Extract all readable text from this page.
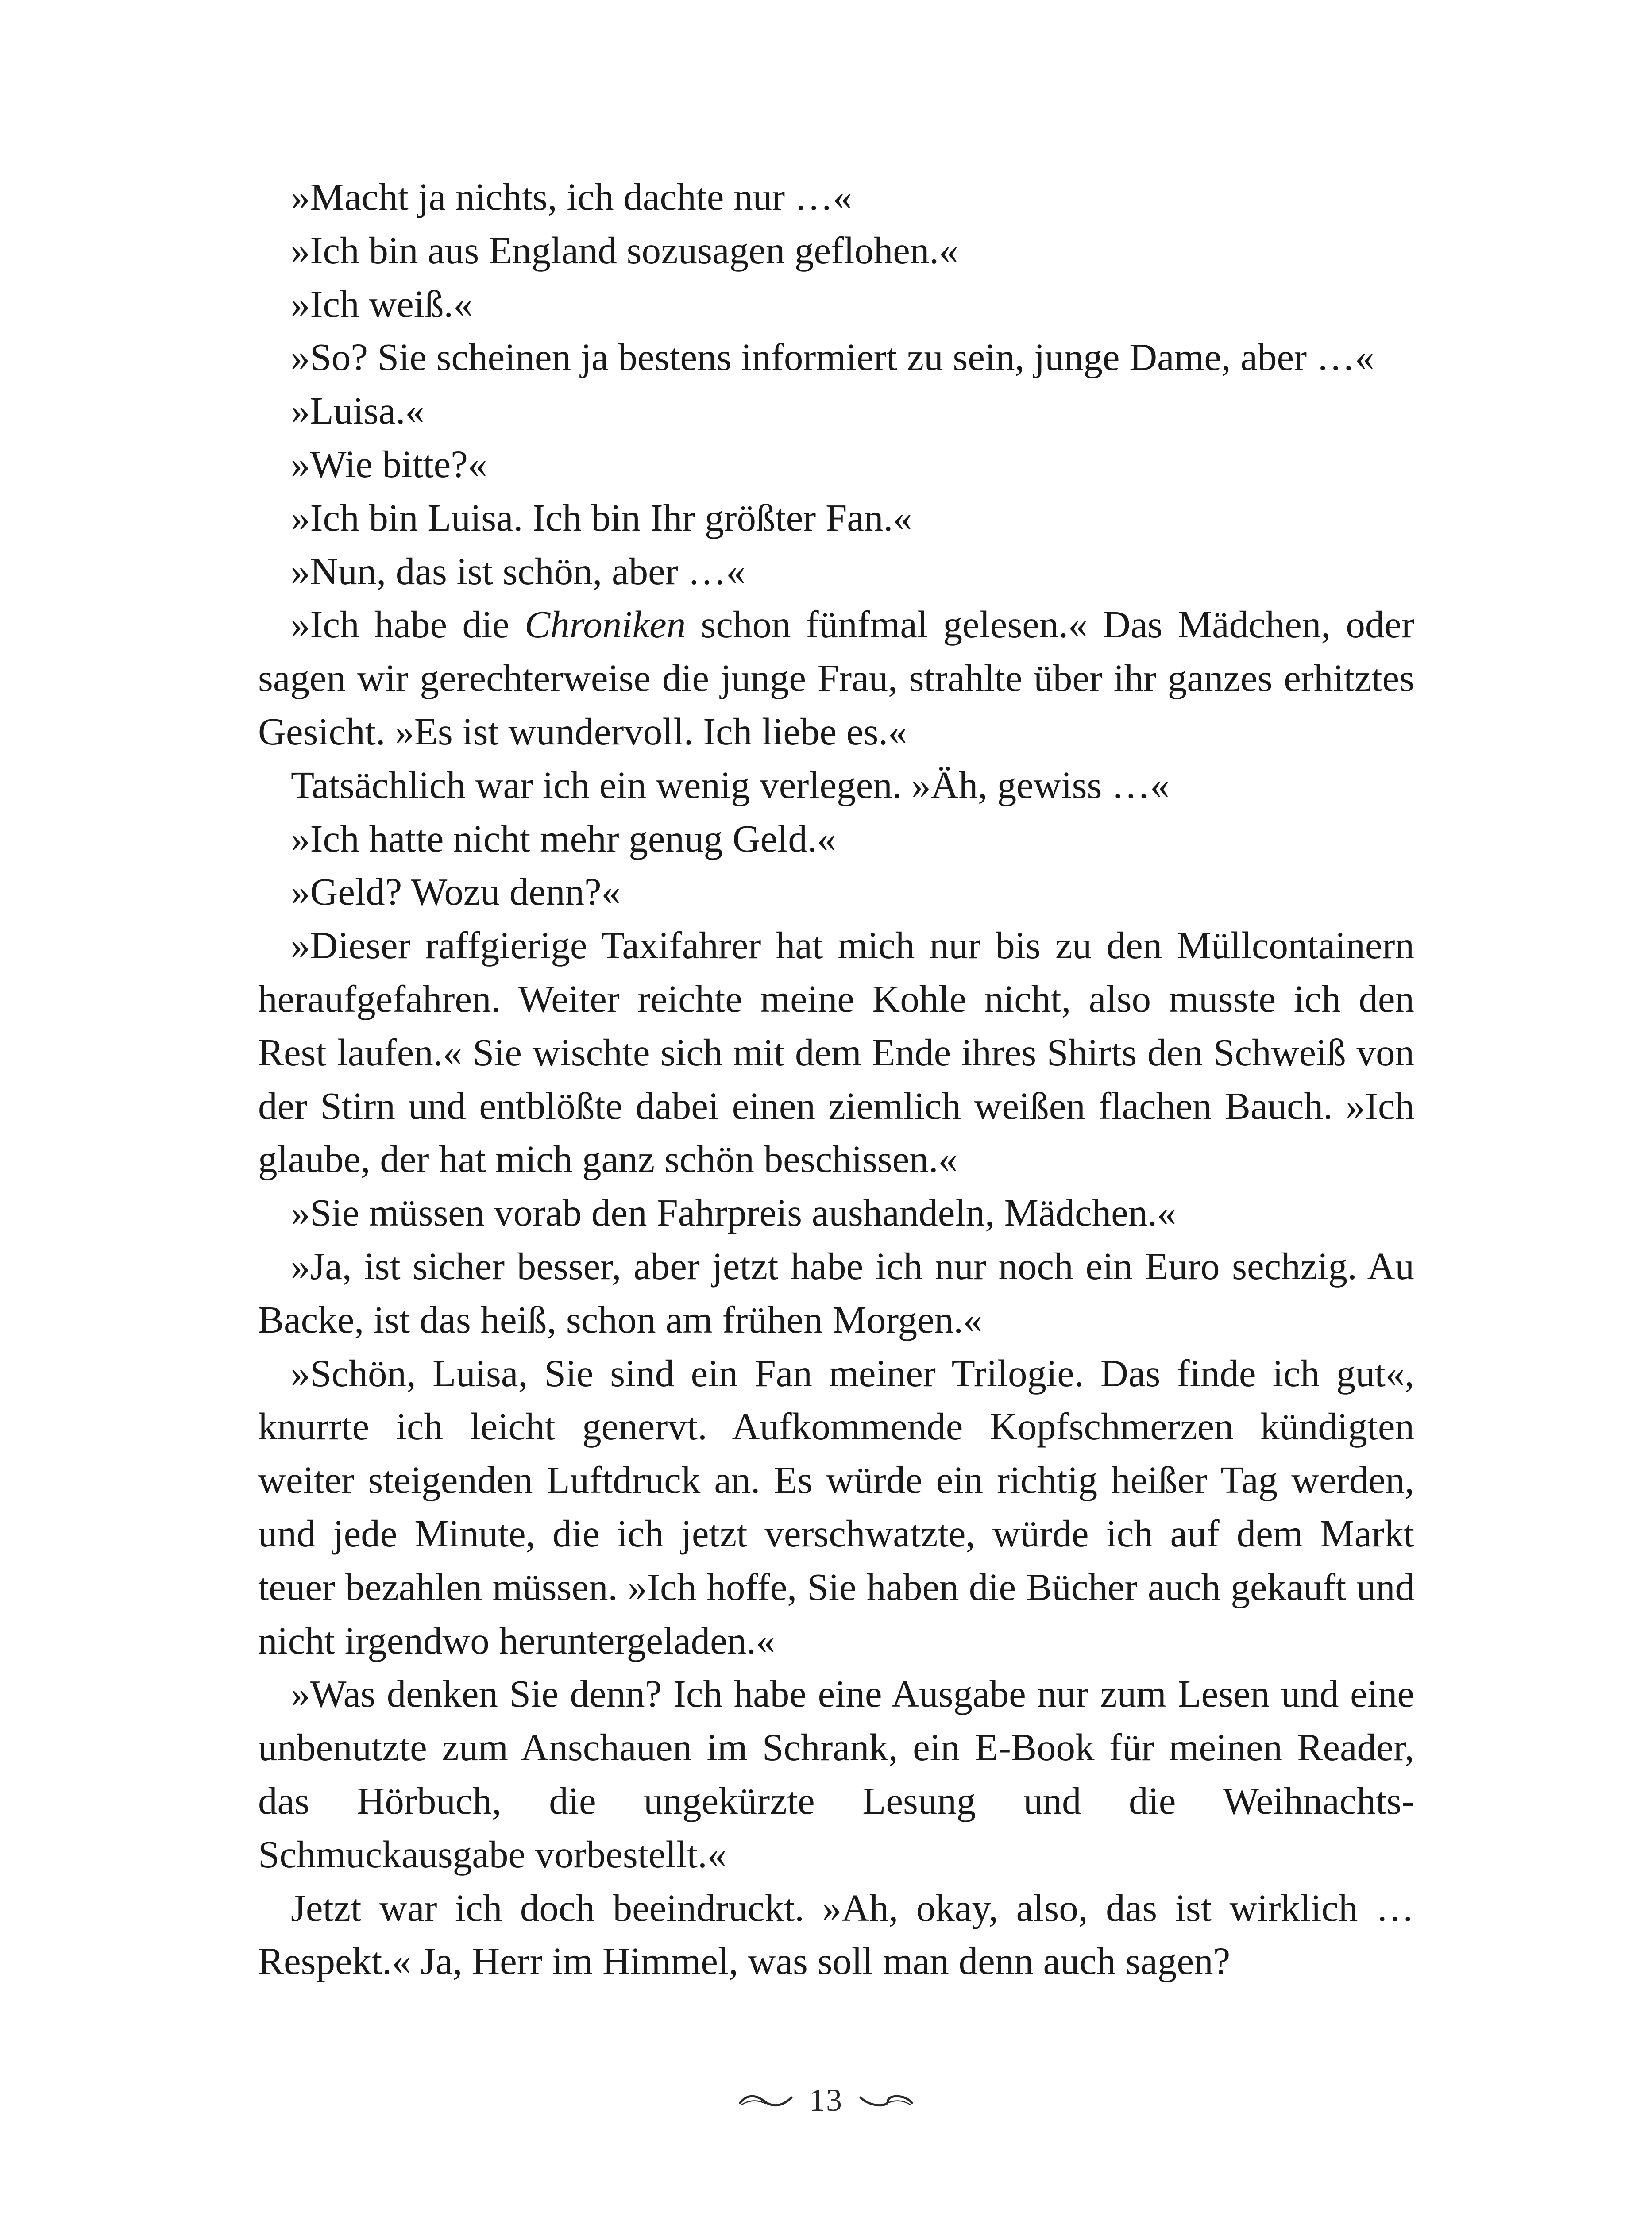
»Macht ja nichts, ich dachte nur …«

»Ich bin aus England sozusagen geflohen.«

»Ich weiß.«

»So? Sie scheinen ja bestens informiert zu sein, junge Dame, aber …«

»Luisa.«

»Wie bitte?«

»Ich bin Luisa. Ich bin Ihr größter Fan.«

»Nun, das ist schön, aber …«

»Ich habe die Chroniken schon fünfmal gelesen.« Das Mädchen, oder sagen wir gerechterweise die junge Frau, strahlte über ihr ganzes erhitztes Gesicht. »Es ist wundervoll. Ich liebe es.«

Tatsächlich war ich ein wenig verlegen. »Äh, gewiss …«

»Ich hatte nicht mehr genug Geld.«

»Geld? Wozu denn?«

»Dieser raffgierige Taxifahrer hat mich nur bis zu den Müllcontainern heraufgefahren. Weiter reichte meine Kohle nicht, also musste ich den Rest laufen.« Sie wischte sich mit dem Ende ihres Shirts den Schweiß von der Stirn und entblößte dabei einen ziemlich weißen flachen Bauch. »Ich glaube, der hat mich ganz schön beschissen.«

»Sie müssen vorab den Fahrpreis aushandeln, Mädchen.«

»Ja, ist sicher besser, aber jetzt habe ich nur noch ein Euro sechzig. Au Backe, ist das heiß, schon am frühen Morgen.«

»Schön, Luisa, Sie sind ein Fan meiner Trilogie. Das finde ich gut«, knurrte ich leicht genervt. Aufkommende Kopfschmerzen kündigten weiter steigenden Luftdruck an. Es würde ein richtig heißer Tag werden, und jede Minute, die ich jetzt verschwatzte, würde ich auf dem Markt teuer bezahlen müssen. »Ich hoffe, Sie haben die Bücher auch gekauft und nicht irgendwo heruntergeladen.«

»Was denken Sie denn? Ich habe eine Ausgabe nur zum Lesen und eine unbenutzte zum Anschauen im Schrank, ein E-Book für meinen Reader, das Hörbuch, die ungekürzte Lesung und die Weihnachts-Schmuckausgabe vorbestellt.«

Jetzt war ich doch beeindruckt. »Ah, okay, also, das ist wirklich … Respekt.« Ja, Herr im Himmel, was soll man denn auch sagen?

13
